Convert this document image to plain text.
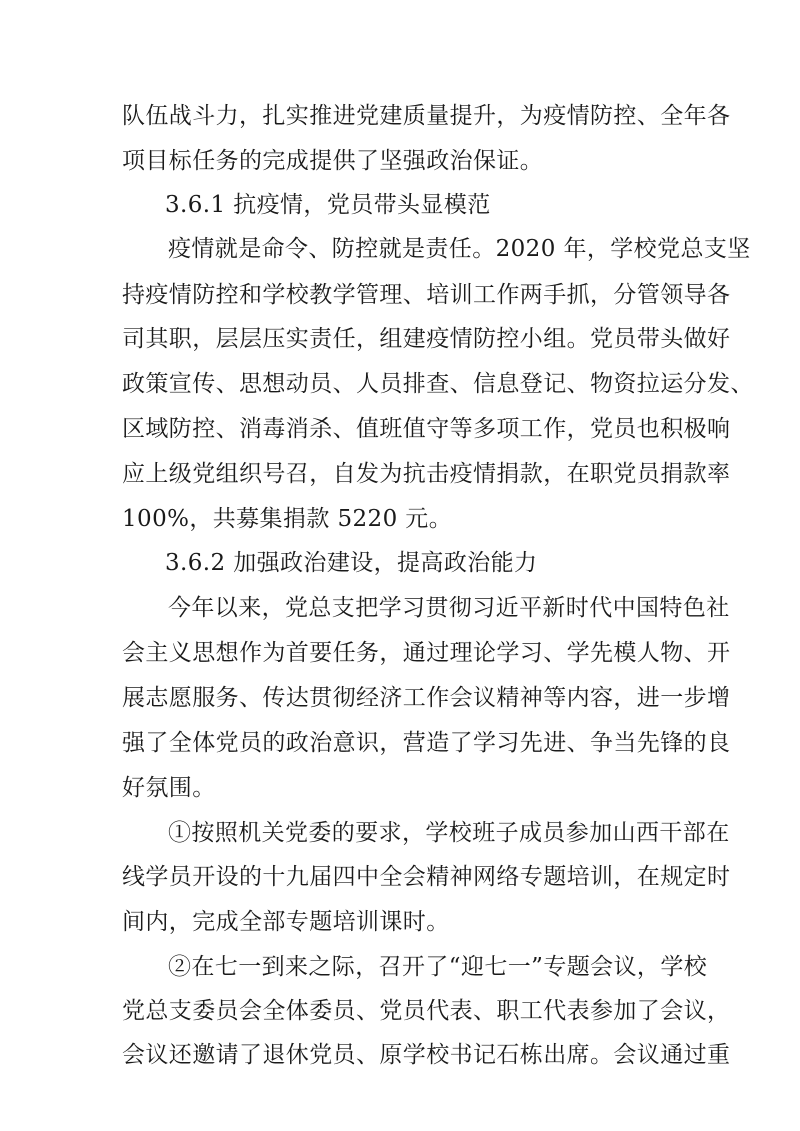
队伍战斗力，扎实推进党建质量提升，为疫情防控、全年各

项目标任务的完成提供了坚强政治保证。

3.6.1 抗疫情，党员带头显模范

疫情就是命令、防控就是责任。2020 年，学校党总支坚

持疫情防控和学校教学管理、培训工作两手抓，分管领导各

司其职，层层压实责任，组建疫情防控小组。党员带头做好

政策宣传、思想动员、人员排查、信息登记、物资拉运分发、

区域防控、消毒消杀、值班值守等多项工作，党员也积极响

应上级党组织号召，自发为抗击疫情捐款，在职党员捐款率

100%，共募集捐款 5220 元。

3.6.2 加强政治建设，提高政治能力

今年以来，党总支把学习贯彻习近平新时代中国特色社

会主义思想作为首要任务，通过理论学习、学先模人物、开

展志愿服务、传达贯彻经济工作会议精神等内容，进一步增

强了全体党员的政治意识，营造了学习先进、争当先锋的良

好氛围。

①按照机关党委的要求，学校班子成员参加山西干部在

线学员开设的十九届四中全会精神网络专题培训，在规定时

间内，完成全部专题培训课时。

②在七一到来之际，召开了“迎七一”专题会议，学校

党总支委员会全体委员、党员代表、职工代表参加了会议，

会议还邀请了退休党员、原学校书记石栋出席。会议通过重
